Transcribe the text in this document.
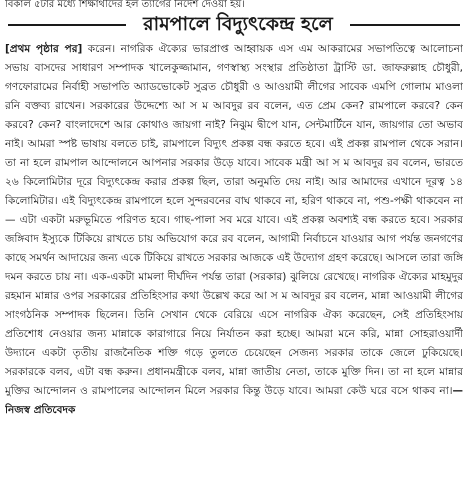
বিকাল ৫টার মধ্যে শিক্ষার্থীদের হল ত্যাগের নির্দেশ দেওয়া হয়।
রামপালে বিদ্যুৎকেন্দ্র হলে

[প্রথম পৃষ্ঠার পর] করেন। নাগরিক ঐক্যের ভারপ্রাপ্ত আহ্বায়ক এস এম আকরামের সভাপতিত্বে আলোচনা সভায় বাসদের সাধারণ সম্পাদক খালেকুজ্জামান, গণস্বাস্থ্য সংস্থার প্রতিষ্ঠাতা ট্রাস্টি ডা. জাফরুল্লাহ চৌধুরী, গণফোরামের নির্বাহী সভাপতি অ্যাডভোকেট সুব্রত চৌধুরী ও আওয়ামী লীগের সাবেক এমপি গোলাম মাওলা রনি বক্তব্য রাখেন। সরকারের উদ্দেশ্যে আ স ম আবদুর রব বলেন, এত প্রেম কেন? রামপালে করবে? কেন করবে? কেন? বাংলাদেশে আর কোথাও জায়গা নাই? নিঝুম দ্বীপে যান, সেন্টমার্টিনে যান, জায়গার তো অভাব নাই। আমরা স্পষ্ট ভাষায় বলতে চাই, রামপালে বিদ্যুৎ প্রকল্প বন্ধ করতে হবে। এই প্রকল্প রামপাল থেকে সরান। তা না হলে রামপাল আন্দোলনে আপনার সরকার উড়ে যাবে। সাবেক মন্ত্রী আ স ম আবদুর রব বলেন, ভারতে ২৬ কিলোমিটার দূরে বিদ্যুৎকেন্দ্র করার প্রকল্প ছিল, তারা অনুমতি দেয় নাই। আর আমাদের এখানে দূরত্ব ১৪ কিলোমিটার। এই বিদ্যুৎকেন্দ্র রামপালে হলে সুন্দরবনের বাঘ থাকবে না, হরিণ থাকবে না, পশু-পক্ষী থাকবেন না— এটা একটা মরুভূমিতে পরিণত হবে। গাছ-পালা সব মরে যাবে। এই প্রকল্প অবশ্যই বন্ধ করতে হবে। সরকার জঙ্গিবাদ ইস্যুকে টিকিয়ে রাখতে চায় অভিযোগ করে রব বলেন, আগামী নির্বাচনে যাওয়ার আগ পর্যন্ত জনগণের কাছে সমর্থন আদায়ের জন্য একে টিকিয়ে রাখতে সরকার আজকে এই উদ্যোগ গ্রহণ করেছে। আসলে তারা জঙ্গি দমন করতে চায় না। এক-একটা মামলা দীর্ঘদিন পর্যন্ত তারা (সরকার) ঝুলিয়ে রেখেছে। নাগরিক ঐক্যের মাহমুদুর রহমান মান্নার ওপর সরকারের প্রতিহিংসার কথা উল্লেখ করে আ স ম আবদুর রব বলেন, মান্না আওয়ামী লীগের সাংগঠনিক সম্পাদক ছিলেন। তিনি সেখান থেকে বেরিয়ে এসে নাগরিক ঐক্য করেছেন, সেই প্রতিহিংসায় প্রতিশোধ নেওয়ার জন্য মান্নাকে কারাগারে নিয়ে নির্যাতন করা হচ্ছে। আমরা মনে করি, মান্না সোহরাওয়ার্দী উদ্যানে একটা তৃতীয় রাজনৈতিক শক্তি গড়ে তুলতে চেয়েছেন সেজন্য সরকার তাকে জেলে ঢুকিয়েছে। সরকারকে বলব, এটা বন্ধ করুন। প্রধানমন্ত্রীকে বলব, মান্না জাতীয় নেতা, তাকে মুক্তি দিন। তা না হলে মান্নার মুক্তির আন্দোলন ও রামপালের আন্দোলন মিলে সরকার কিন্তু উড়ে যাবে। আমরা কেউ ঘরে বসে থাকব না।—নিজস্ব প্রতিবেদক
